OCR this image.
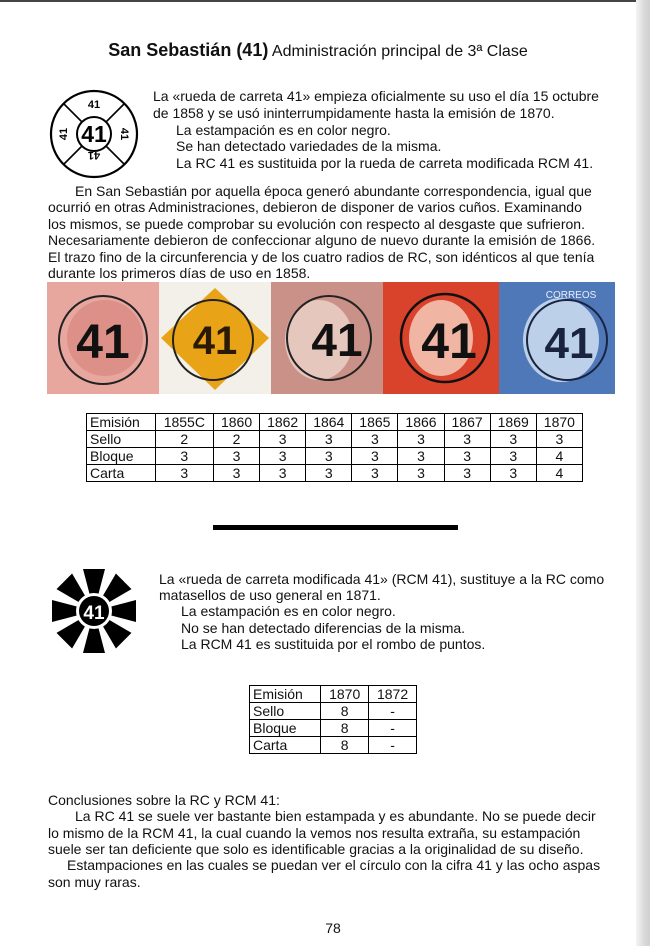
San Sebastián (41) Administración principal de 3ª Clase
41
41
41
41	41

La «rueda de carreta 41» empieza oficialmente su uso el día 15 octubre

de 1858 y se usó ininterrumpidamente hasta la emisión de 1870.

La estampación es en color negro.

Se han detectado variedades de la misma.

La RC 41 es sustituida por la rueda de carreta modificada RCM 41.

En San Sebastián por aquella época generó abundante correspondencia, igual que

ocurrió en otras Administraciones, debieron de disponer de varios cuños. Examinando

los mismos, se puede comprobar su evolución con respecto al desgaste que sufrieron.

Necesariamente debieron de confeccionar alguno de nuevo durante la emisión de 1866.

El trazo fino de la circunferencia y de los cuatro radios de RC, son idénticos al que tenía

durante los primeros días de uso en 1858.

41 41 41 41
CORREOS
41
Emisión	1855C	1860	1862	1864	1865	1866	1867	1869	1870
Sello	2	2	3	3	3	3	3	3	3
Bloque	3	3	3	3	3	3	3	3	4
Carta	3	3	3	3	3	3	3	3	4
41

La «rueda de carreta modificada 41» (RCM 41), sustituye a la RC como

matasellos de uso general en 1871.

La estampación es en color negro.

No se han detectado diferencias de la misma.

La RCM 41 es sustituida por el rombo de puntos.

Emisión	1870	1872
Sello	8	-
Bloque	8	-
Carta	8	-

Conclusiones sobre la RC y RCM 41:

La RC 41 se suele ver bastante bien estampada y es abundante. No se puede decir

lo mismo de la RCM 41, la cual cuando la vemos nos resulta extraña, su estampación

suele ser tan deficiente que solo es identificable gracias a la originalidad de su diseño.

Estampaciones en las cuales se puedan ver el círculo con la cifra 41 y las ocho aspas

son muy raras.

78
